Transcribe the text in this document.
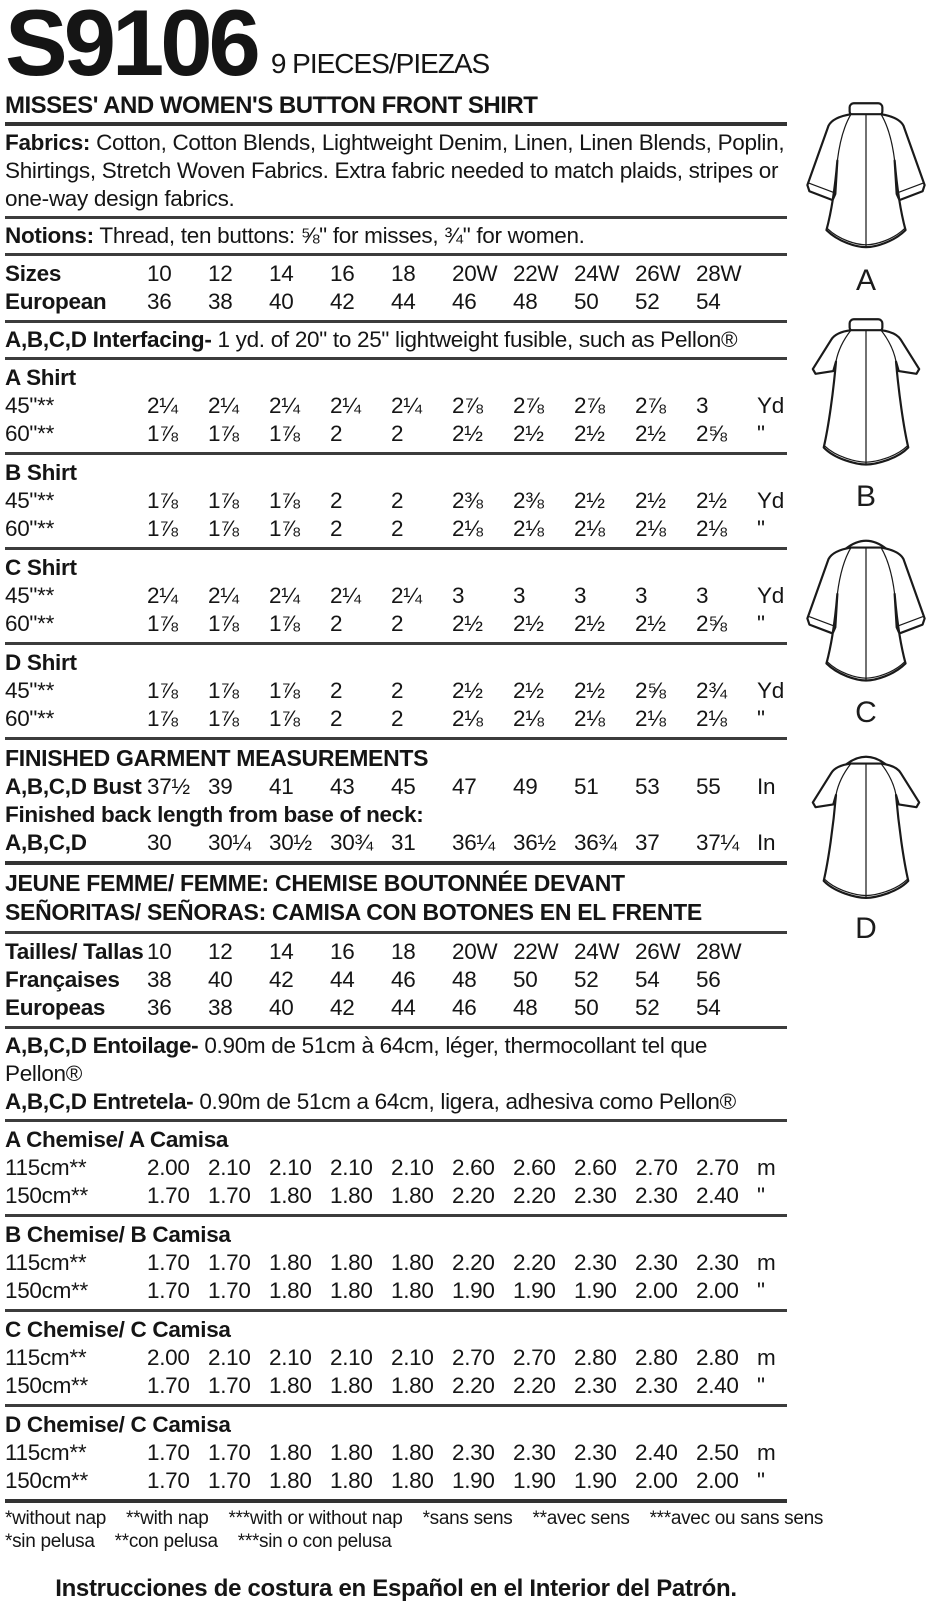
S9106 9 PIECES/PIEZAS
MISSES' AND WOMEN'S BUTTON FRONT SHIRT
Fabrics: Cotton, Cotton Blends, Lightweight Denim, Linen, Linen Blends, Poplin, Shirtings, Stretch Woven Fabrics. Extra fabric needed to match plaids, stripes or one-way design fabrics.
Notions: Thread, ten buttons: ⅝" for misses, ¾" for women.
Sizes	10	12	14	16	18	20W 22W 24W 26W 28W
European	36	38	40	42	44	46	48	50	52	54
A,B,C,D Interfacing- 1 yd. of 20" to 25" lightweight fusible, such as Pellon®
A Shirt
45"**	2¼	2¼	2¼	2¼	2¼	2⅞	2⅞	2⅞	2⅞	3	Yd
60"**	1⅞	1⅞	1⅞	2	2	2½	2½	2½	2½	2⅝	"
B Shirt
45"**	1⅞	1⅞	1⅞	2	2	2⅜	2⅜	2½	2½	2½	Yd
60"**	1⅞	1⅞	1⅞	2	2	2⅛	2⅛	2⅛	2⅛	2⅛	"
C Shirt
45"**	2¼	2¼	2¼	2¼	2¼	3	3	3	3	3	Yd
60"**	1⅞	1⅞	1⅞	2	2	2½	2½	2½	2½	2⅝	"
D Shirt
45"**	1⅞	1⅞	1⅞	2	2	2½	2½	2½	2⅝	2¾	Yd
60"**	1⅞	1⅞	1⅞	2	2	2⅛	2⅛	2⅛	2⅛	2⅛	"
FINISHED GARMENT MEASUREMENTS
A,B,C,D Bust 37½ 39	41	43	45	47	49	51	53	55	In
Finished back length from base of neck:
A,B,C,D	30	30¼ 30½ 30¾ 31	36¼ 36½ 36¾ 37	37¼ In
JEUNE FEMME/ FEMME: CHEMISE BOUTONNÉE DEVANT
SEÑORITAS/ SEÑORAS: CAMISA CON BOTONES EN EL FRENTE
Tailles/ Tallas 10	12	14	16	18	20W 22W 24W 26W 28W
Françaises	38	40	42	44	46	48	50	52	54	56
Europeas	36	38	40	42	44	46	48	50	52	54
A,B,C,D Entoilage- 0.90m de 51cm à 64cm, léger, thermocollant tel que Pellon®
A,B,C,D Entretela- 0.90m de 51cm a 64cm, ligera, adhesiva como Pellon®
A Chemise/ A Camisa
115cm**	2.00 2.10 2.10 2.10 2.10 2.60 2.60 2.60 2.70 2.70 m
150cm**	1.70 1.70 1.80 1.80 1.80 2.20 2.20 2.30 2.30 2.40 "
B Chemise/ B Camisa
115cm**	1.70 1.70 1.80 1.80 1.80 2.20 2.20 2.30 2.30 2.30 m
150cm**	1.70 1.70 1.80 1.80 1.80 1.90 1.90 1.90 2.00 2.00 "
C Chemise/ C Camisa
115cm**	2.00 2.10 2.10 2.10 2.10 2.70 2.70 2.80 2.80 2.80 m
150cm**	1.70 1.70 1.80 1.80 1.80 2.20 2.20 2.30 2.30 2.40 "
D Chemise/ C Camisa
115cm**	1.70 1.70 1.80 1.80 1.80 2.30 2.30 2.30 2.40 2.50 m
150cm**	1.70 1.70 1.80 1.80 1.80 1.90 1.90 1.90 2.00 2.00 "
*without nap **with nap ***with or without nap
*sin pelusa **con pelusa ***sin o con pelusa
*sans sens **avec sens ***avec ou sans sens
Instrucciones de costura en Español en el Interior del Patrón.
A
B
C
D
